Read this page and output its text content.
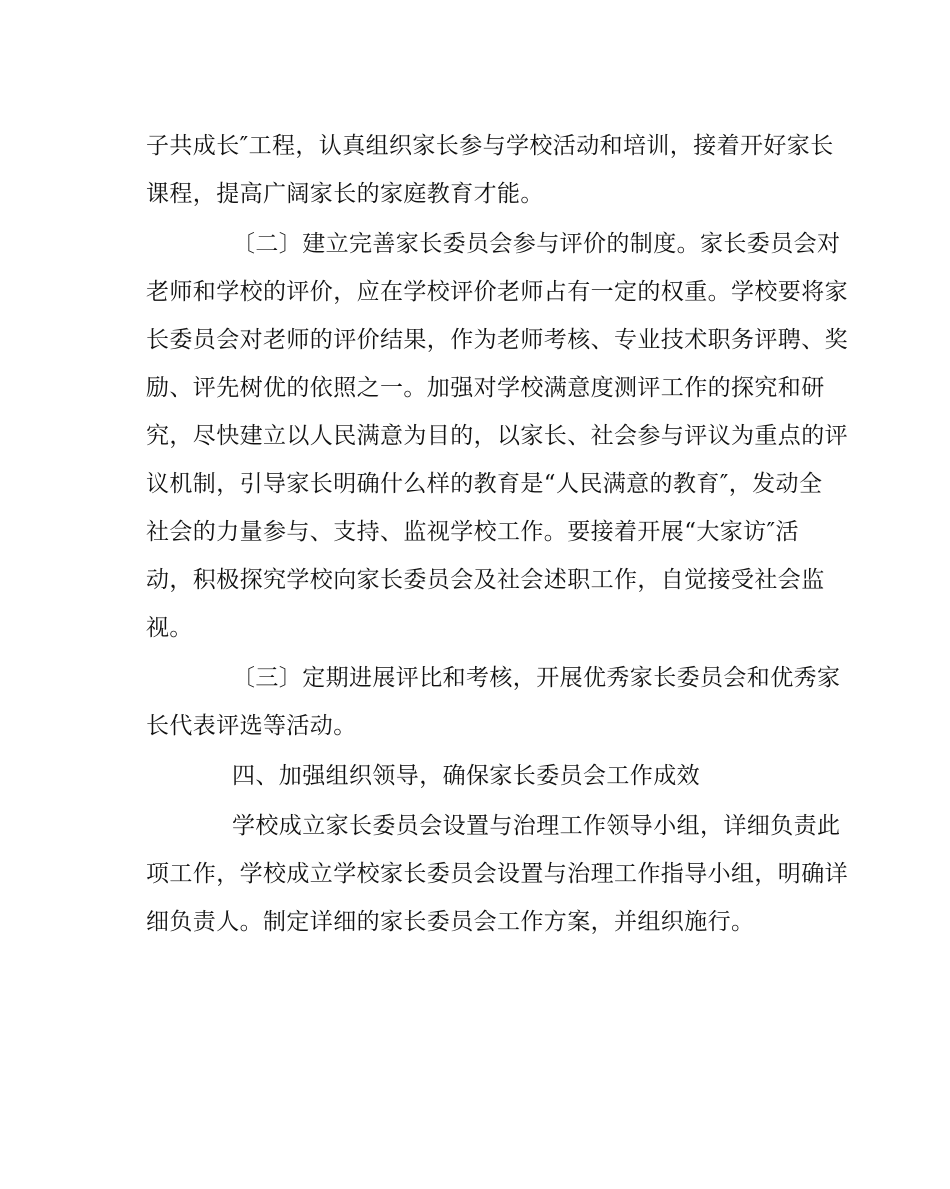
子共成长″工程，认真组织家长参与学校活动和培训，接着开好家长
课程，提高广阔家长的家庭教育才能。
〔二〕建立完善家长委员会参与评价的制度。家长委员会对
老师和学校的评价，应在学校评价老师占有一定的权重。学校要将家
长委员会对老师的评价结果，作为老师考核、专业技术职务评聘、奖
励、评先树优的依照之一。加强对学校满意度测评工作的探究和研
究，尽快建立以人民满意为目的，以家长、社会参与评议为重点的评
议机制，引导家长明确什么样的教育是“人民满意的教育″，发动全
社会的力量参与、支持、监视学校工作。要接着开展“大家访″活
动，积极探究学校向家长委员会及社会述职工作，自觉接受社会监
视。
〔三〕定期进展评比和考核，开展优秀家长委员会和优秀家
长代表评选等活动。
四、加强组织领导，确保家长委员会工作成效
学校成立家长委员会设置与治理工作领导小组，详细负责此
项工作，学校成立学校家长委员会设置与治理工作指导小组，明确详
细负责人。制定详细的家长委员会工作方案，并组织施行。
